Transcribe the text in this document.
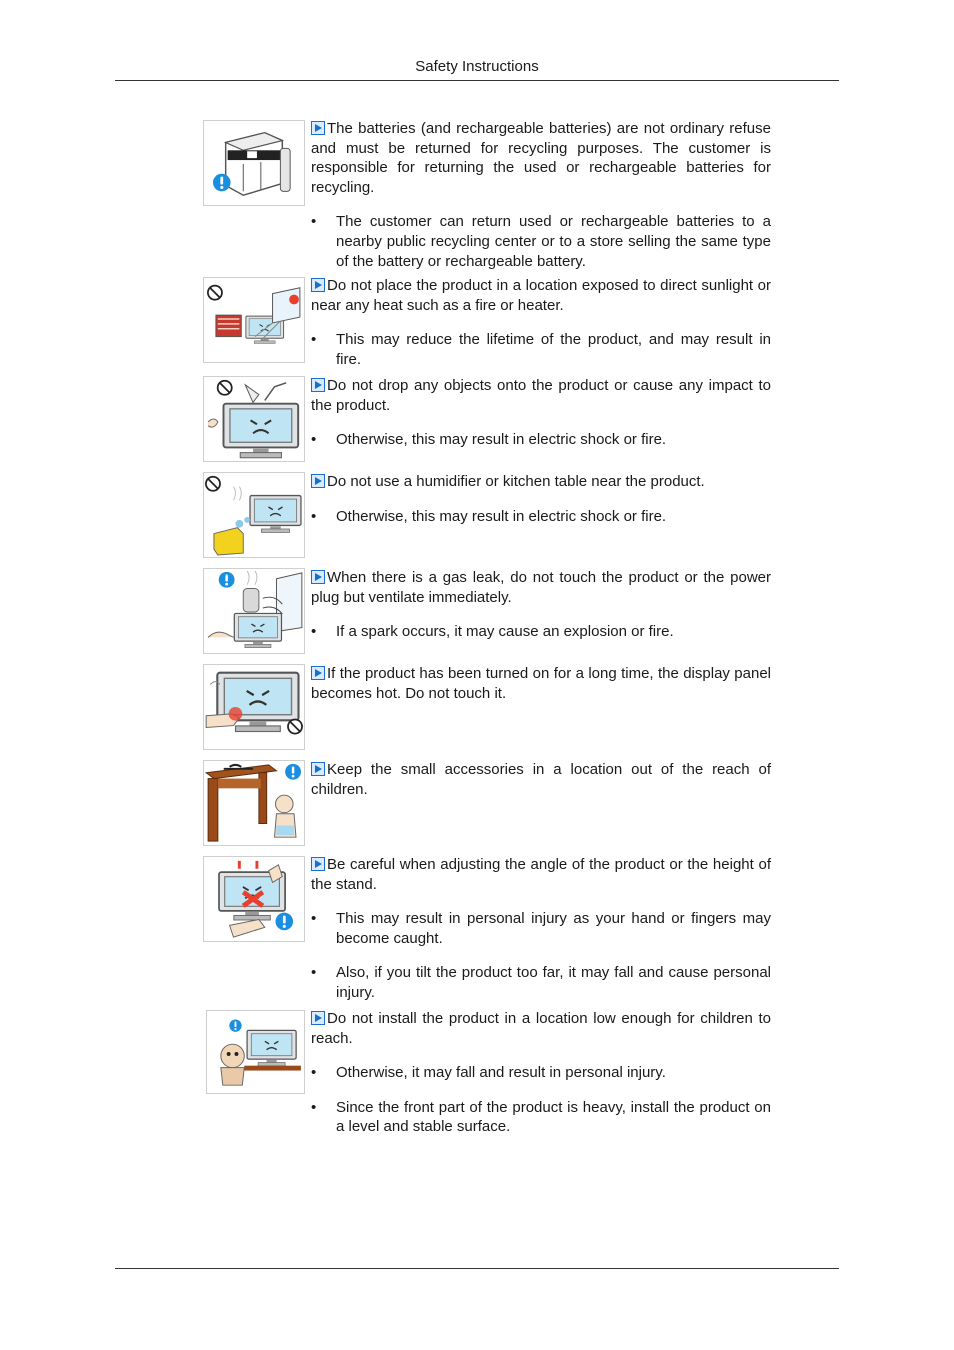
Safety Instructions

The batteries (and rechargeable batteries) are not ordinary refuse and must be returned for recycling purposes. The customer is responsible for returning the used or rechargeable batteries for recycling.

• The customer can return used or rechargeable batteries to a nearby public recycling center or to a store selling the same type of the battery or rechargeable battery.

Do not place the product in a location exposed to direct sunlight or near any heat such as a fire or heater.

• This may reduce the lifetime of the product, and may result in fire.

Do not drop any objects onto the product or cause any impact to the product.

• Otherwise, this may result in electric shock or fire.

Do not use a humidifier or kitchen table near the product.

• Otherwise, this may result in electric shock or fire.

When there is a gas leak, do not touch the product or the power plug but ventilate immediately.

• If a spark occurs, it may cause an explosion or fire.

If the product has been turned on for a long time, the display panel becomes hot. Do not touch it.

Keep the small accessories in a location out of the reach of children.

Be careful when adjusting the angle of the product or the height of the stand.

• This may result in personal injury as your hand or fingers may become caught.
• Also, if you tilt the product too far, it may fall and cause personal injury.

Do not install the product in a location low enough for children to reach.

• Otherwise, it may fall and result in personal injury.
• Since the front part of the product is heavy, install the product on a level and stable surface.
